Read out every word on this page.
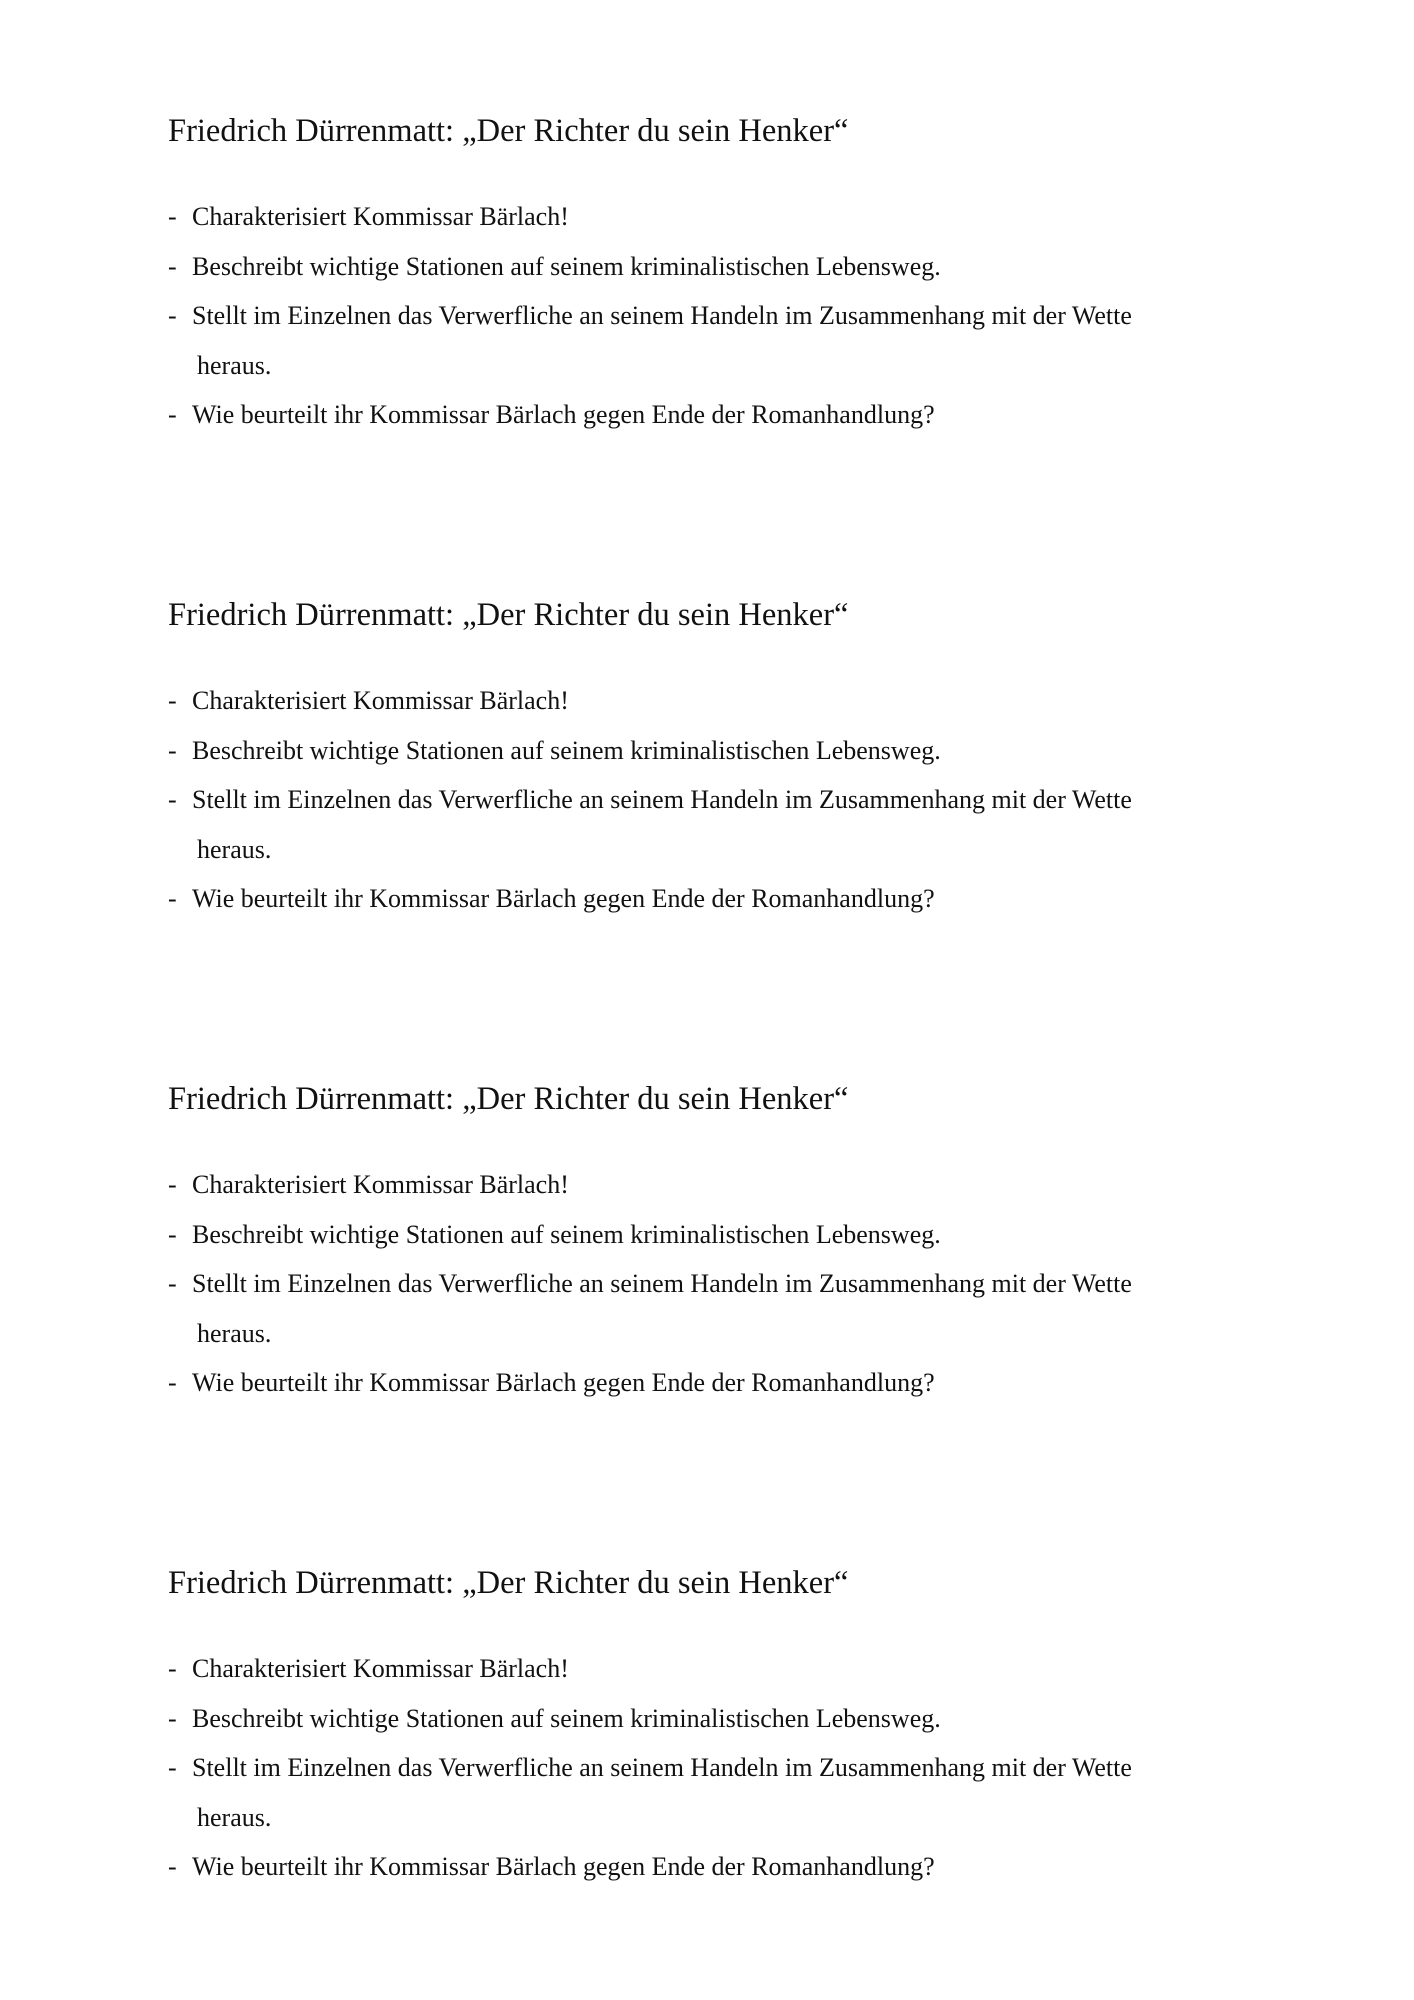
Friedrich Dürrenmatt: „Der Richter du sein Henker“
- Charakterisiert Kommissar Bärlach!
- Beschreibt wichtige Stationen auf seinem kriminalistischen Lebensweg.
- Stellt im Einzelnen das Verwerfliche an seinem Handeln im Zusammenhang mit der Wette
heraus.
- Wie beurteilt ihr Kommissar Bärlach gegen Ende der Romanhandlung?
Friedrich Dürrenmatt: „Der Richter du sein Henker“
- Charakterisiert Kommissar Bärlach!
- Beschreibt wichtige Stationen auf seinem kriminalistischen Lebensweg.
- Stellt im Einzelnen das Verwerfliche an seinem Handeln im Zusammenhang mit der Wette
heraus.
- Wie beurteilt ihr Kommissar Bärlach gegen Ende der Romanhandlung?
Friedrich Dürrenmatt: „Der Richter du sein Henker“
- Charakterisiert Kommissar Bärlach!
- Beschreibt wichtige Stationen auf seinem kriminalistischen Lebensweg.
- Stellt im Einzelnen das Verwerfliche an seinem Handeln im Zusammenhang mit der Wette
heraus.
- Wie beurteilt ihr Kommissar Bärlach gegen Ende der Romanhandlung?
Friedrich Dürrenmatt: „Der Richter du sein Henker“
- Charakterisiert Kommissar Bärlach!
- Beschreibt wichtige Stationen auf seinem kriminalistischen Lebensweg.
- Stellt im Einzelnen das Verwerfliche an seinem Handeln im Zusammenhang mit der Wette
heraus.
- Wie beurteilt ihr Kommissar Bärlach gegen Ende der Romanhandlung?
